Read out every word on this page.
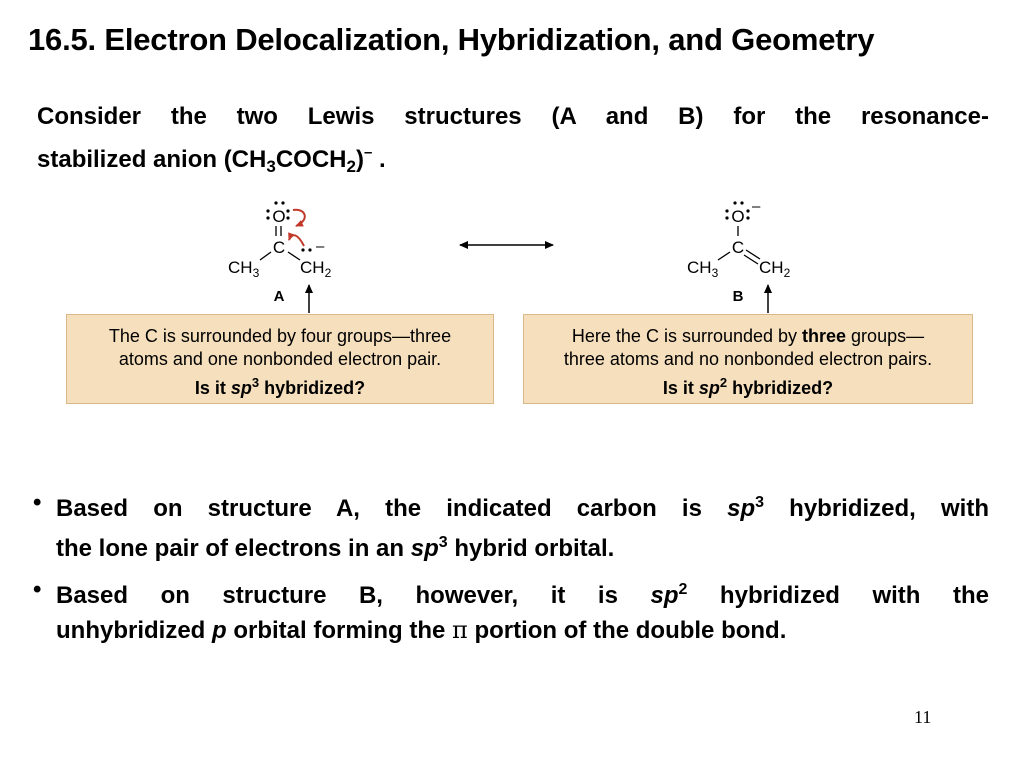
16.5. Electron Delocalization, Hybridization, and Geometry
Consider the two Lewis structures (A and B) for the resonance-
stabilized anion $(CH_3COCH_2)^-$ .
O
C
$CH_3$ $CH_2$
–
A
O
–
C
$CH_3$ $CH_2$
B
The C is surrounded by four groups—three
atoms and one nonbonded electron pair.
Is it $sp^3$ hybridized?
Here the C is surrounded by three groups—
three atoms and no nonbonded electron pairs.
Is it $sp^2$ hybridized?
• Based on structure A, the indicated carbon is $sp^3$ hybridized, with
the lone pair of electrons in an $sp^3$ hybrid orbital.
• Based on structure B, however, it is $sp^2$ hybridized with the
unhybridized p orbital forming the π portion of the double bond.
11
